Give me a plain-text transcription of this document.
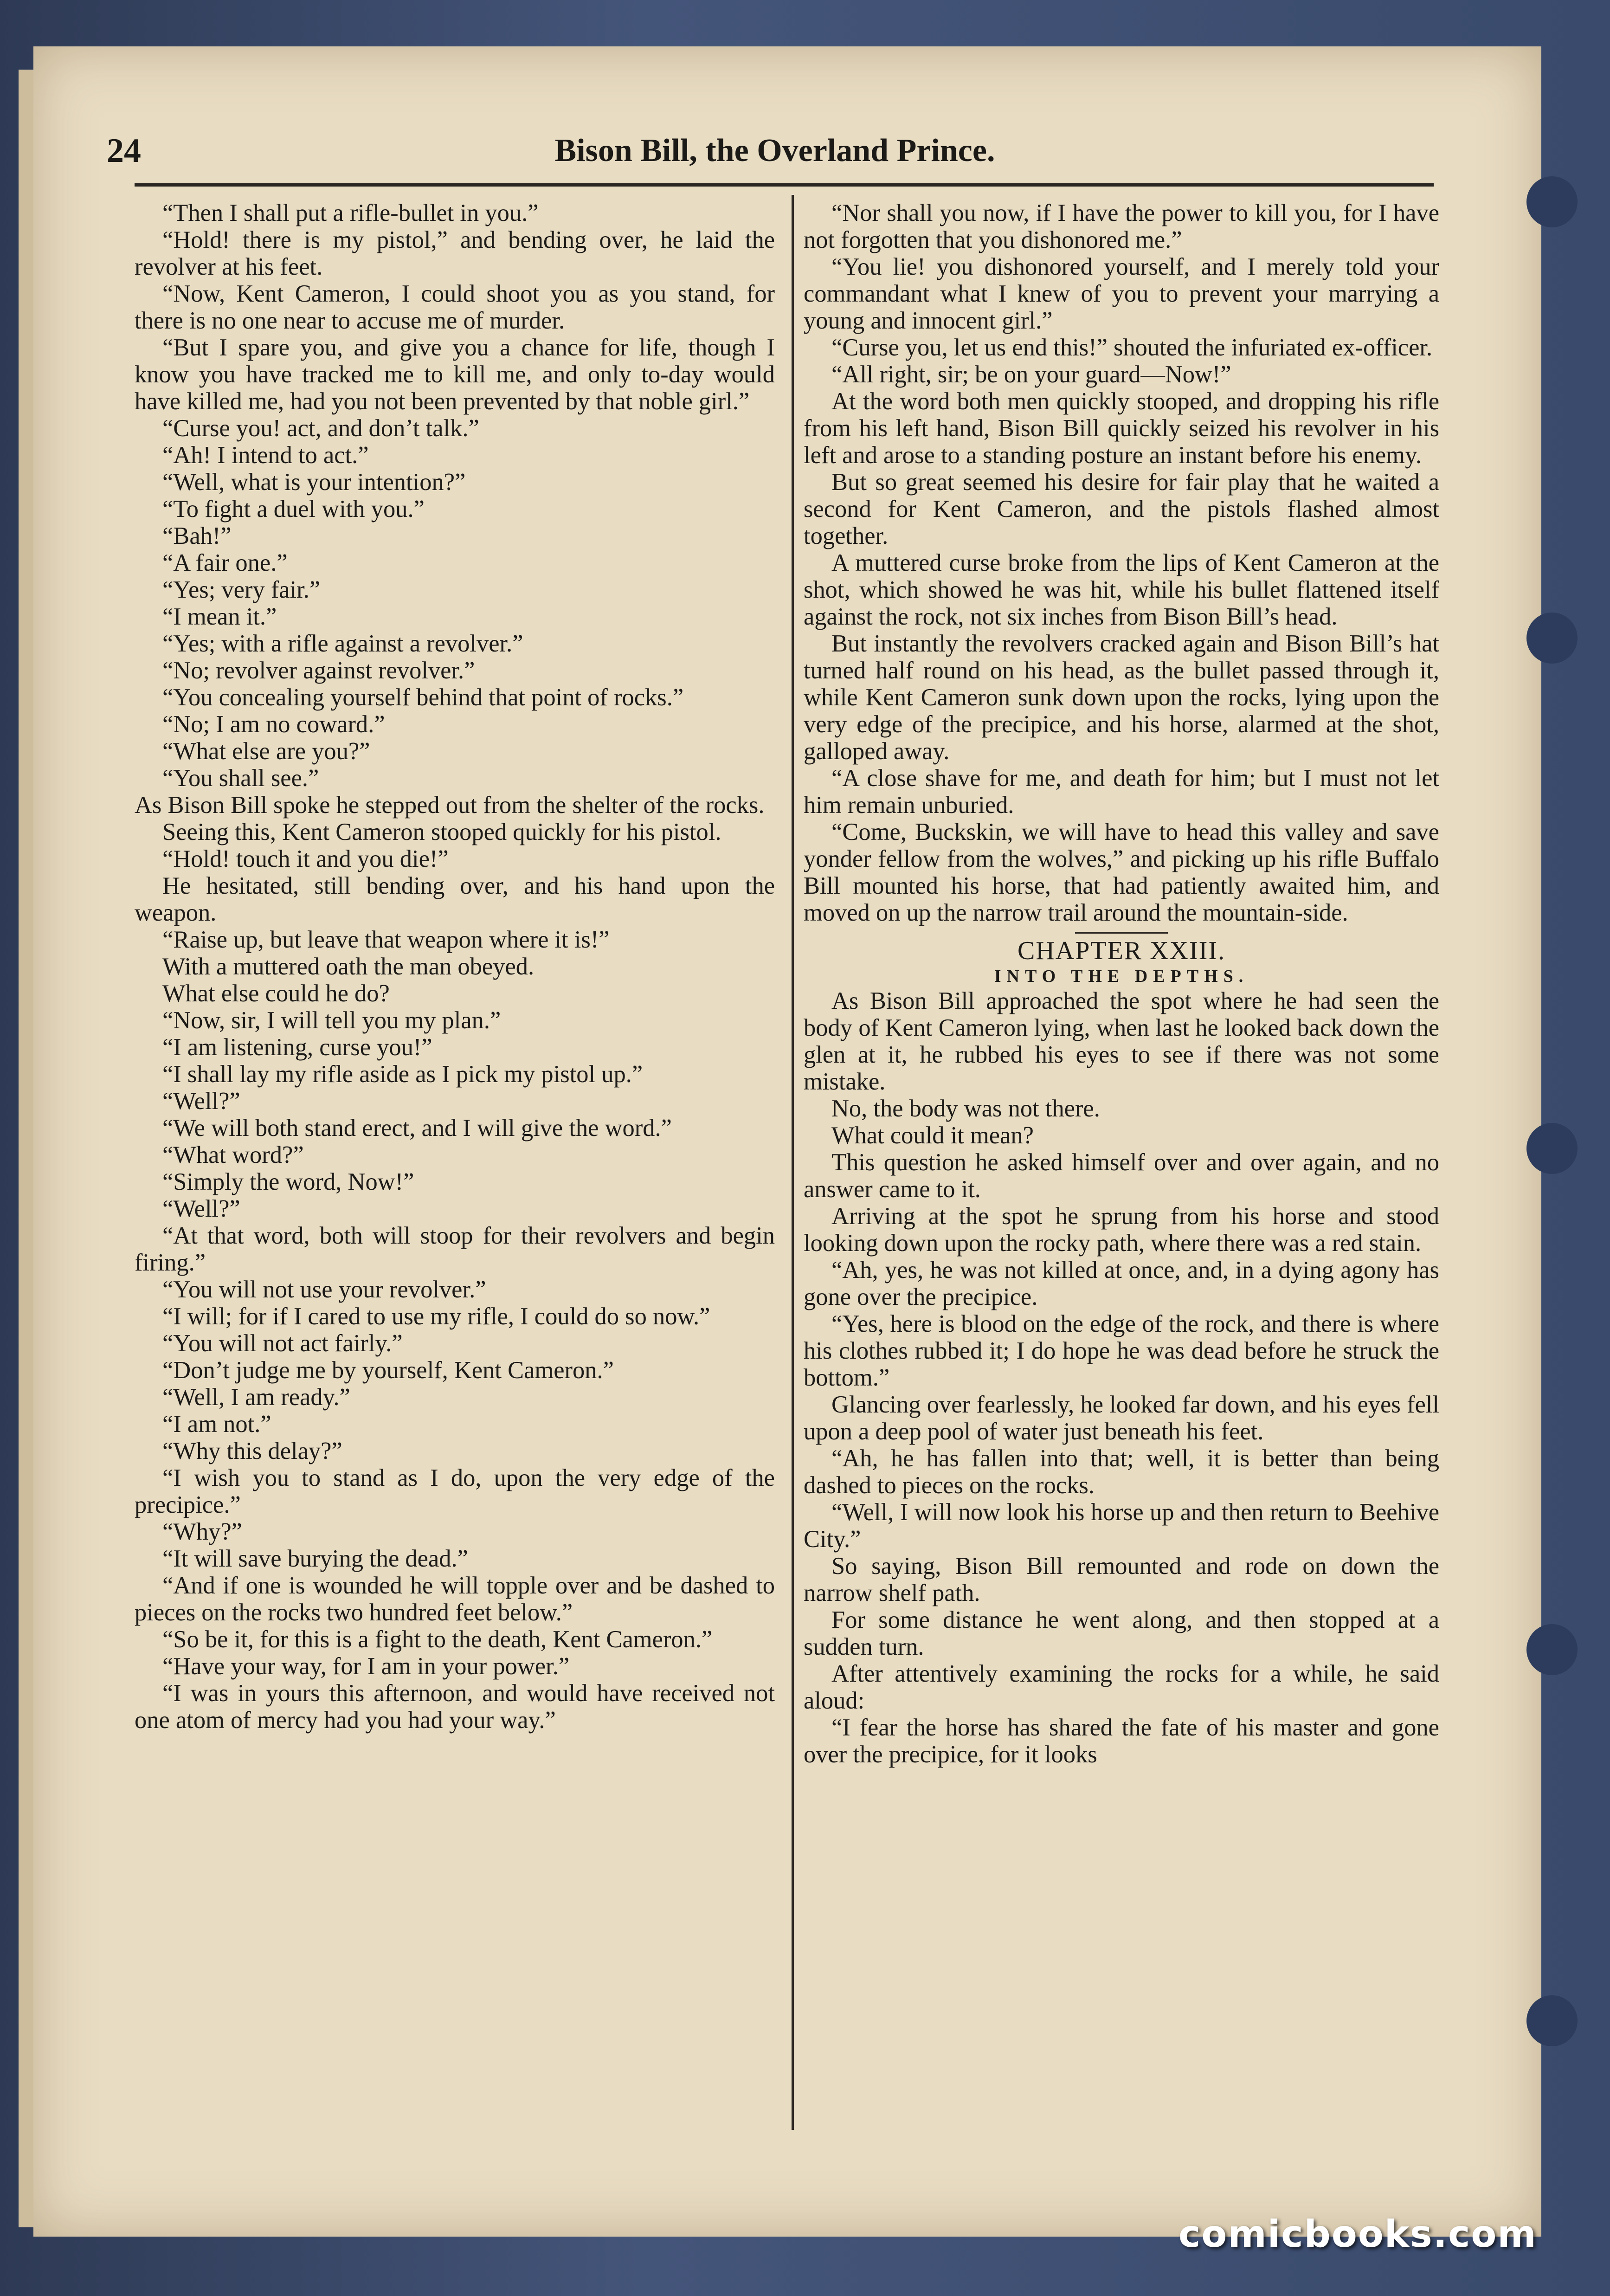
24	Bison Bill, the Overland Prince.

“Then I shall put a rifle-bullet in you.”

“Hold! there is my pistol,” and bending over, he laid the revolver at his feet.

“Now, Kent Cameron, I could shoot you as you stand, for there is no one near to accuse me of murder.

“But I spare you, and give you a chance for life, though I know you have tracked me to kill me, and only to-day would have killed me, had you not been prevented by that noble girl.”

“Curse you! act, and don’t talk.”

“Ah! I intend to act.”

“Well, what is your intention?”

“To fight a duel with you.”

“Bah!”

“A fair one.”

“Yes; very fair.”

“I mean it.”

“Yes; with a rifle against a revolver.”

“No; revolver against revolver.”

“You concealing yourself behind that point of rocks.”

“No; I am no coward.”

“What else are you?”

“You shall see.”

As Bison Bill spoke he stepped out from the shelter of the rocks.

Seeing this, Kent Cameron stooped quickly for his pistol.

“Hold! touch it and you die!”

He hesitated, still bending over, and his hand upon the weapon.

“Raise up, but leave that weapon where it is!”

With a muttered oath the man obeyed.

What else could he do?

“Now, sir, I will tell you my plan.”

“I am listening, curse you!”

“I shall lay my rifle aside as I pick my pistol up.”

“Well?”

“We will both stand erect, and I will give the word.”

“What word?”

“Simply the word, Now!”

“Well?”

“At that word, both will stoop for their revolvers and begin firing.”

“You will not use your revolver.”

“I will; for if I cared to use my rifle, I could do so now.”

“You will not act fairly.”

“Don’t judge me by yourself, Kent Cameron.”

“Well, I am ready.”

“I am not.”

“Why this delay?”

“I wish you to stand as I do, upon the very edge of the precipice.”

“Why?”

“It will save burying the dead.”

“And if one is wounded he will topple over and be dashed to pieces on the rocks two hundred feet below.”

“So be it, for this is a fight to the death, Kent Cameron.”

“Have your way, for I am in your power.”

“I was in yours this afternoon, and would have received not one atom of mercy had you had your way.”

“Nor shall you now, if I have the power to kill you, for I have not forgotten that you dishonored me.”

“You lie! you dishonored yourself, and I merely told your commandant what I knew of you to prevent your marrying a young and innocent girl.”

“Curse you, let us end this!” shouted the infuriated ex-officer.

“All right, sir; be on your guard—Now!”

At the word both men quickly stooped, and dropping his rifle from his left hand, Bison Bill quickly seized his revolver in his left and arose to a standing posture an instant before his enemy.

But so great seemed his desire for fair play that he waited a second for Kent Cameron, and the pistols flashed almost together.

A muttered curse broke from the lips of Kent Cameron at the shot, which showed he was hit, while his bullet flattened itself against the rock, not six inches from Bison Bill’s head.

But instantly the revolvers cracked again and Bison Bill’s hat turned half round on his head, as the bullet passed through it, while Kent Cameron sunk down upon the rocks, lying upon the very edge of the precipice, and his horse, alarmed at the shot, galloped away.

“A close shave for me, and death for him; but I must not let him remain unburied.

“Come, Buckskin, we will have to head this valley and save yonder fellow from the wolves,” and picking up his rifle Buffalo Bill mounted his horse, that had patiently awaited him, and moved on up the narrow trail around the mountain-side.

CHAPTER XXIII.
INTO THE DEPTHS.

As Bison Bill approached the spot where he had seen the body of Kent Cameron lying, when last he looked back down the glen at it, he rubbed his eyes to see if there was not some mistake.

No, the body was not there.

What could it mean?

This question he asked himself over and over again, and no answer came to it.

Arriving at the spot he sprung from his horse and stood looking down upon the rocky path, where there was a red stain.

“Ah, yes, he was not killed at once, and, in a dying agony has gone over the precipice.

“Yes, here is blood on the edge of the rock, and there is where his clothes rubbed it; I do hope he was dead before he struck the bottom.”

Glancing over fearlessly, he looked far down, and his eyes fell upon a deep pool of water just beneath his feet.

“Ah, he has fallen into that; well, it is better than being dashed to pieces on the rocks.

“Well, I will now look his horse up and then return to Beehive City.”

So saying, Bison Bill remounted and rode on down the narrow shelf path.

For some distance he went along, and then stopped at a sudden turn.

After attentively examining the rocks for a while, he said aloud:

“I fear the horse has shared the fate of his master and gone over the precipice, for it looks

comicbooks.com
